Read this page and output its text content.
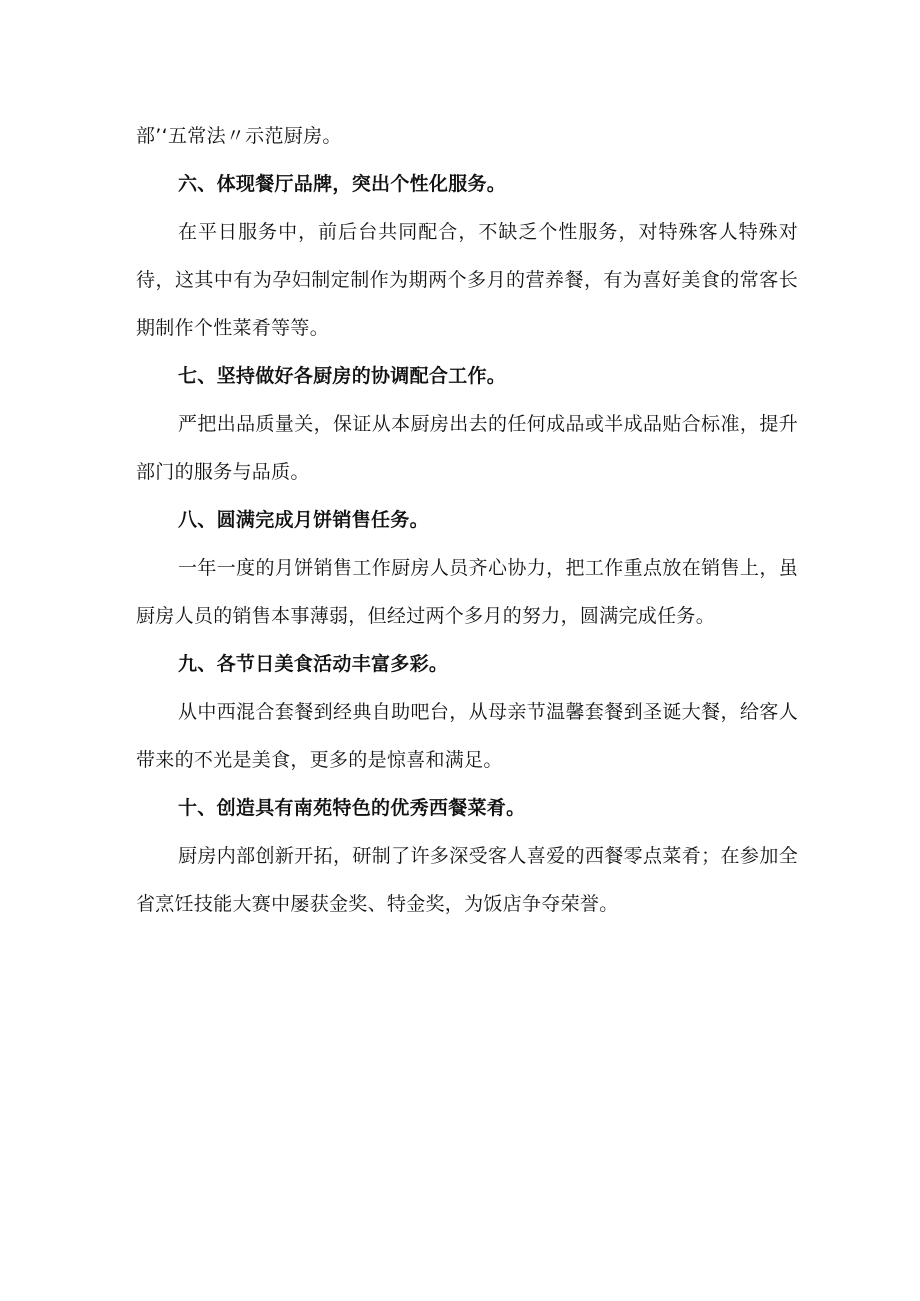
部’‘五常法〃示范厨房。

六、体现餐厅品牌，突出个性化服务。

在平日服务中，前后台共同配合，不缺乏个性服务，对特殊客人特殊对待，这其中有为孕妇制定制作为期两个多月的营养餐，有为喜好美食的常客长期制作个性菜肴等等。

七、坚持做好各厨房的协调配合工作。

严把出品质量关，保证从本厨房出去的任何成品或半成品贴合标准，提升部门的服务与品质。

八、圆满完成月饼销售任务。

一年一度的月饼销售工作厨房人员齐心协力，把工作重点放在销售上，虽厨房人员的销售本事薄弱，但经过两个多月的努力，圆满完成任务。

九、各节日美食活动丰富多彩。

从中西混合套餐到经典自助吧台，从母亲节温馨套餐到圣诞大餐，给客人带来的不光是美食，更多的是惊喜和满足。

十、创造具有南苑特色的优秀西餐菜肴。

厨房内部创新开拓，研制了许多深受客人喜爱的西餐零点菜肴；在参加全省烹饪技能大赛中屡获金奖、特金奖，为饭店争夺荣誉。
